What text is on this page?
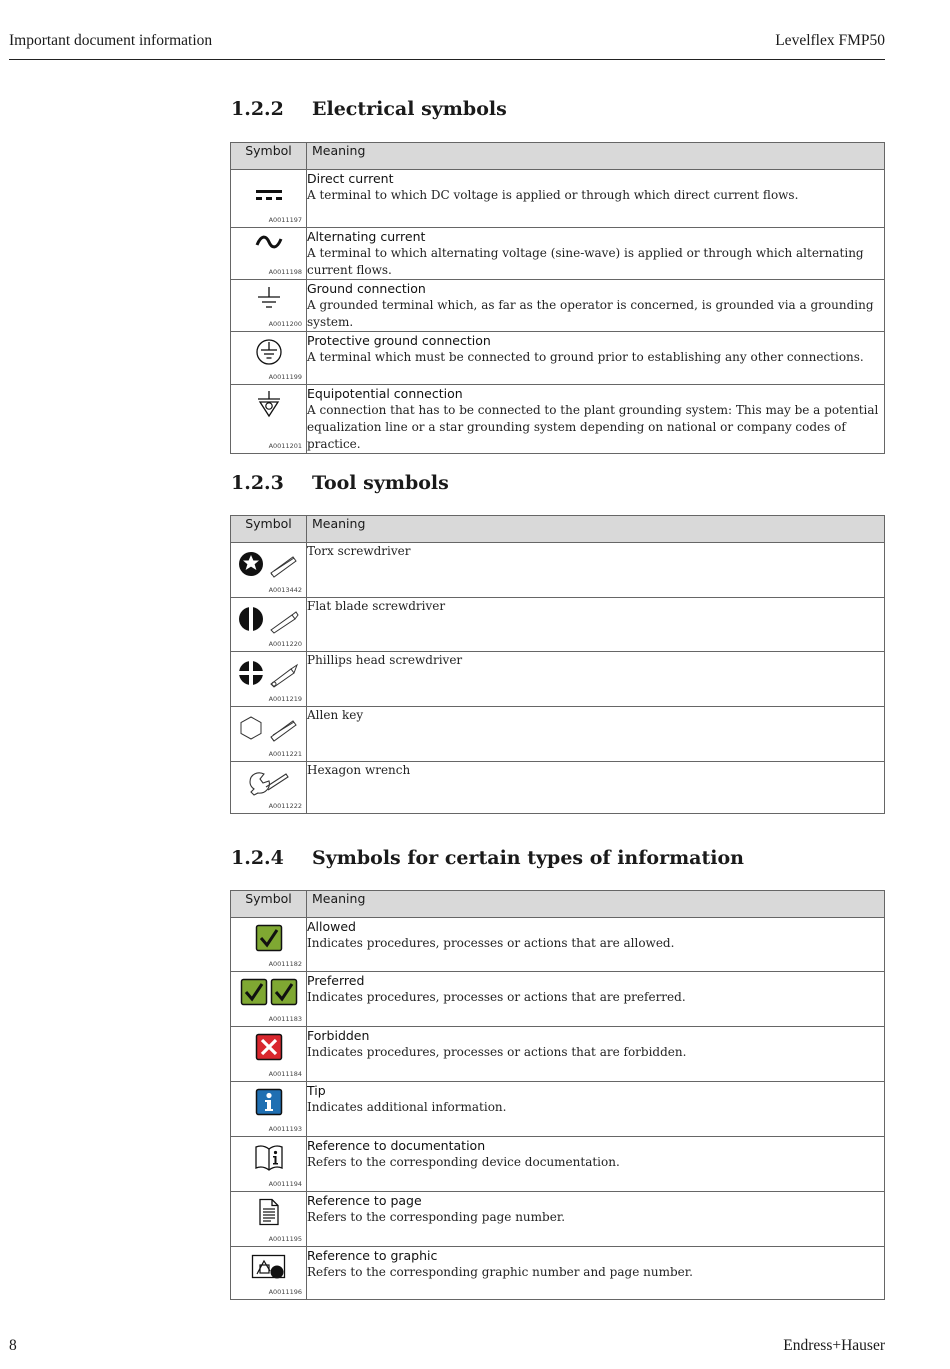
Important document information	Levelflex FMP50
1.2.2 Electrical symbols
Symbol	Meaning

A0011197	Direct current
A terminal to which DC voltage is applied or through which direct current flows.

A0011198	Alternating current
A terminal to which alternating voltage (sine-wave) is applied or through which alternating current flows.

A0011200	Ground connection
A grounded terminal which, as far as the operator is concerned, is grounded via a grounding system.

A0011199	Protective ground connection
A terminal which must be connected to ground prior to establishing any other connections.

A0011201	Equipotential connection
A connection that has to be connected to the plant grounding system: This may be a potential equalization line or a star grounding system depending on national or company codes of practice.
1.2.3 Tool symbols
Symbol	Meaning

A0013442	Torx screwdriver

A0011220	Flat blade screwdriver

A0011219	Phillips head screwdriver

A0011221	Allen key

A0011222	Hexagon wrench
1.2.4 Symbols for certain types of information
Symbol	Meaning

A0011182	Allowed
Indicates procedures, processes or actions that are allowed.

A0011183	Preferred
Indicates procedures, processes or actions that are preferred.

A0011184	Forbidden
Indicates procedures, processes or actions that are forbidden.

A0011193	Tip
Indicates additional information.

A0011194	Reference to documentation
Refers to the corresponding device documentation.

A0011195	Reference to page
Refers to the corresponding page number.

A0011196	Reference to graphic
Refers to the corresponding graphic number and page number.
8	Endress+Hauser
